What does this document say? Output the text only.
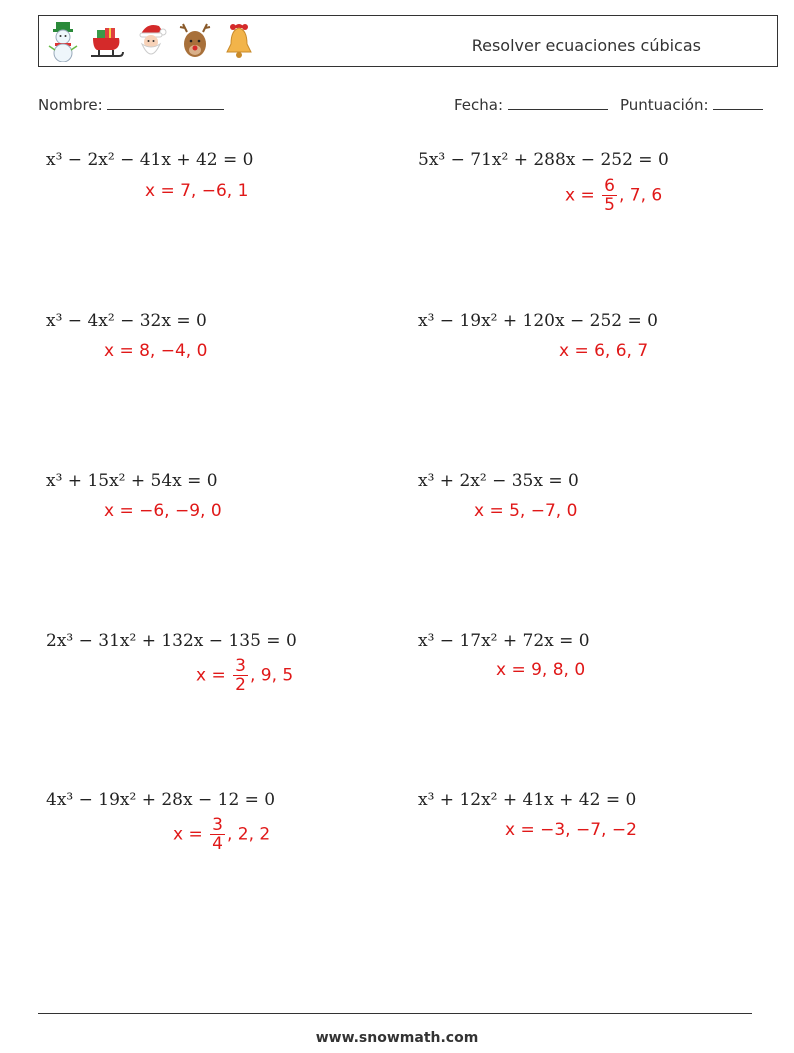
Resolver ecuaciones cúbicas
Nombre:	Fecha:	Puntuación:
x³ − 2x² − 41x + 42 = 0
x = 7, −6, 1
5x³ − 71x² + 288x − 252 = 0
$x = \frac{6}{5}$ , 7, 6
x³ − 4x² − 32x = 0
x = 8, −4, 0
x³ − 19x² + 120x − 252 = 0
x = 6, 6, 7
x³ + 15x² + 54x = 0
x = −6, −9, 0
x³ + 2x² − 35x = 0
x = 5, −7, 0
2x³ − 31x² + 132x − 135 = 0
$x = \frac{3}{2}$ , 9, 5
x³ − 17x² + 72x = 0
x = 9, 8, 0
4x³ − 19x² + 28x − 12 = 0
$x = \frac{3}{4}$ , 2, 2
x³ + 12x² + 41x + 42 = 0
x = −3, −7, −2
www.snowmath.com
